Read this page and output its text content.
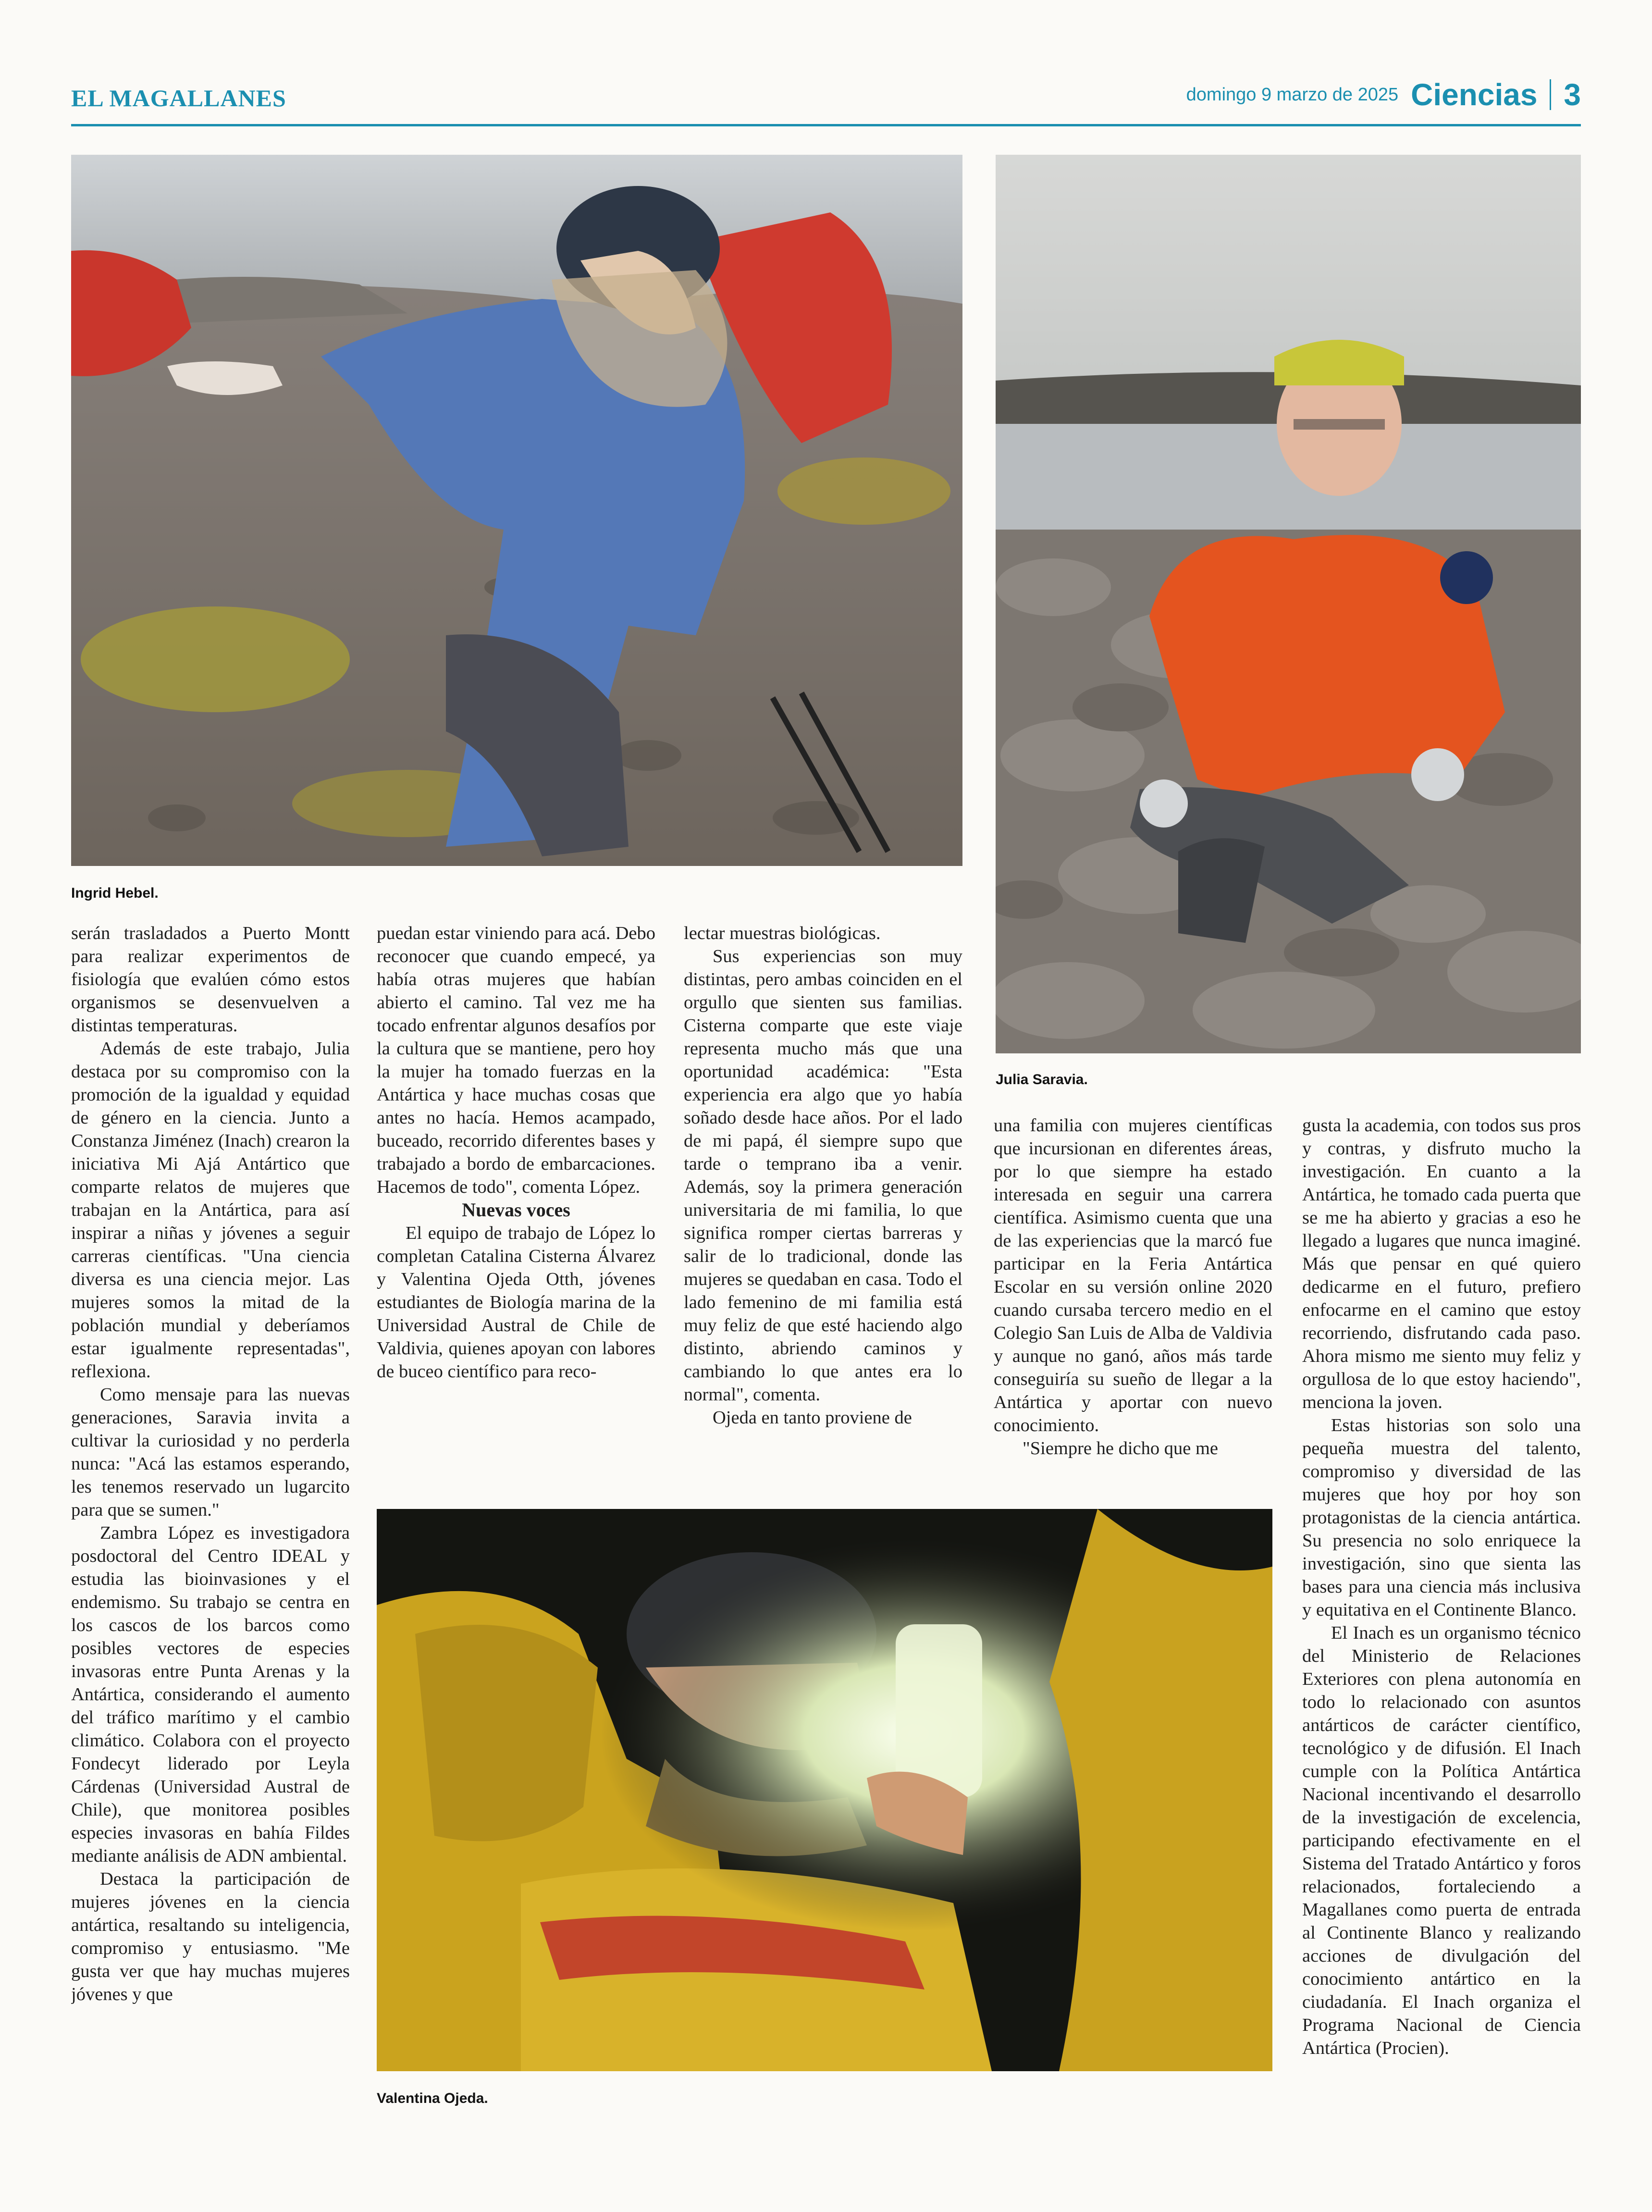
EL MAGALLANES	domingo 9 marzo de 2025 Ciencias 3
Ingrid Hebel.
Julia Saravia.
Valentina Ojeda.

serán trasladados a Puerto Montt para realizar experimentos de fisiología que evalúen cómo estos organismos se desenvuelven a distintas temperaturas.

Además de este trabajo, Julia destaca por su compromiso con la promoción de la igualdad y equidad de género en la ciencia. Junto a Constanza Jiménez (Inach) crearon la iniciativa Mi Ajá Antártico que comparte relatos de mujeres que trabajan en la Antártica, para así inspirar a niñas y jóvenes a seguir carreras científicas. "Una ciencia diversa es una ciencia mejor. Las mujeres somos la mitad de la población mundial y deberíamos estar igualmente representadas", reflexiona.

Como mensaje para las nuevas generaciones, Saravia invita a cultivar la curiosidad y no perderla nunca: "Acá las estamos esperando, les tenemos reservado un lugarcito para que se sumen."

Zambra López es investigadora posdoctoral del Centro IDEAL y estudia las bioinvasiones y el endemismo. Su trabajo se centra en los cascos de los barcos como posibles vectores de especies invasoras entre Punta Arenas y la Antártica, considerando el aumento del tráfico marítimo y el cambio climático. Colabora con el proyecto Fondecyt liderado por Leyla Cárdenas (Universidad Austral de Chile), que monitorea posibles especies invasoras en bahía Fildes mediante análisis de ADN ambiental.

Destaca la participación de mujeres jóvenes en la ciencia antártica, resaltando su inteligencia, compromiso y entusiasmo. "Me gusta ver que hay muchas mujeres jóvenes y que

puedan estar viniendo para acá. Debo reconocer que cuando empecé, ya había otras mujeres que habían abierto el camino. Tal vez me ha tocado enfrentar algunos desafíos por la cultura que se mantiene, pero hoy la mujer ha tomado fuerzas en la Antártica y hace muchas cosas que antes no hacía. Hemos acampado, buceado, recorrido diferentes bases y trabajado a bordo de embarcaciones. Hacemos de todo", comenta López.

Nuevas voces

El equipo de trabajo de López lo completan Catalina Cisterna Álvarez y Valentina Ojeda Otth, jóvenes estudiantes de Biología marina de la Universidad Austral de Chile de Valdivia, quienes apoyan con labores de buceo científico para reco-

lectar muestras biológicas.

Sus experiencias son muy distintas, pero ambas coinciden en el orgullo que sienten sus familias. Cisterna comparte que este viaje representa mucho más que una oportunidad académica: "Esta experiencia era algo que yo había soñado desde hace años. Por el lado de mi papá, él siempre supo que tarde o temprano iba a venir. Además, soy la primera generación universitaria de mi familia, lo que significa romper ciertas barreras y salir de lo tradicional, donde las mujeres se quedaban en casa. Todo el lado femenino de mi familia está muy feliz de que esté haciendo algo distinto, abriendo caminos y cambiando lo que antes era lo normal", comenta.

Ojeda en tanto proviene de

una familia con mujeres científicas que incursionan en diferentes áreas, por lo que siempre ha estado interesada en seguir una carrera científica. Asimismo cuenta que una de las experiencias que la marcó fue participar en la Feria Antártica Escolar en su versión online 2020 cuando cursaba tercero medio en el Colegio San Luis de Alba de Valdivia y aunque no ganó, años más tarde conseguiría su sueño de llegar a la Antártica y aportar con nuevo conocimiento.

"Siempre he dicho que me

gusta la academia, con todos sus pros y contras, y disfruto mucho la investigación. En cuanto a la Antártica, he tomado cada puerta que se me ha abierto y gracias a eso he llegado a lugares que nunca imaginé. Más que pensar en qué quiero dedicarme en el futuro, prefiero enfocarme en el camino que estoy recorriendo, disfrutando cada paso. Ahora mismo me siento muy feliz y orgullosa de lo que estoy haciendo", menciona la joven.

Estas historias son solo una pequeña muestra del talento, compromiso y diversidad de las mujeres que hoy por hoy son protagonistas de la ciencia antártica. Su presencia no solo enriquece la investigación, sino que sienta las bases para una ciencia más inclusiva y equitativa en el Continente Blanco.

El Inach es un organismo técnico del Ministerio de Relaciones Exteriores con plena autonomía en todo lo relacionado con asuntos antárticos de carácter científico, tecnológico y de difusión. El Inach cumple con la Política Antártica Nacional incentivando el desarrollo de la investigación de excelencia, participando efectivamente en el Sistema del Tratado Antártico y foros relacionados, fortaleciendo a Magallanes como puerta de entrada al Continente Blanco y realizando acciones de divulgación del conocimiento antártico en la ciudadanía. El Inach organiza el Programa Nacional de Ciencia Antártica (Procien).
